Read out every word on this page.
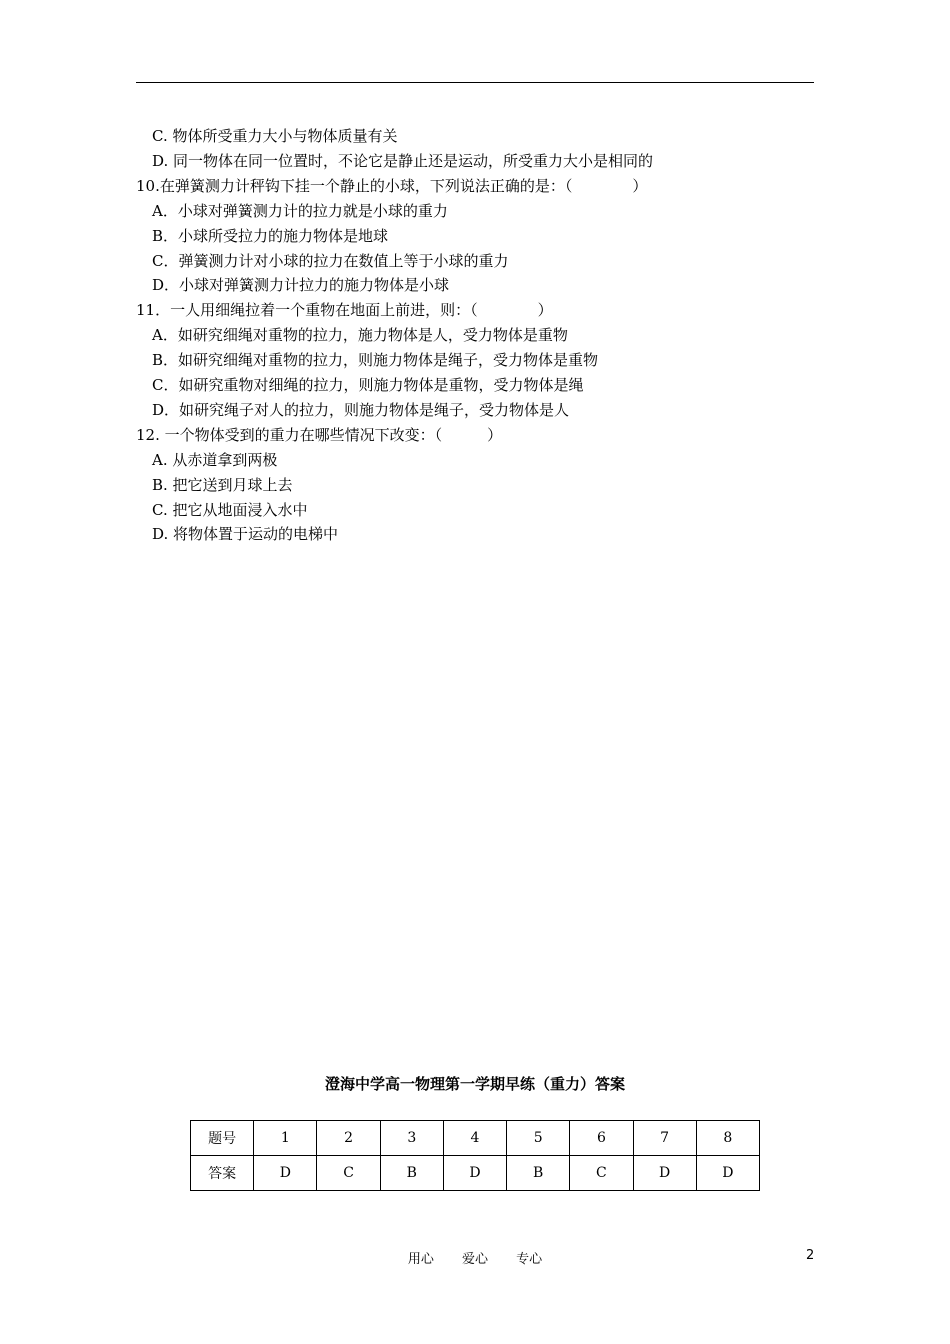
C. 物体所受重力大小与物体质量有关
D. 同一物体在同一位置时，不论它是静止还是运动，所受重力大小是相同的
10.在弹簧测力计秤钩下挂一个静止的小球，下列说法正确的是：（　　　　）
A．小球对弹簧测力计的拉力就是小球的重力
B．小球所受拉力的施力物体是地球
C．弹簧测力计对小球的拉力在数值上等于小球的重力
D．小球对弹簧测力计拉力的施力物体是小球
11．一人用细绳拉着一个重物在地面上前进，则：（　　　　）
A．如研究细绳对重物的拉力，施力物体是人，受力物体是重物
B．如研究细绳对重物的拉力，则施力物体是绳子，受力物体是重物
C．如研究重物对细绳的拉力，则施力物体是重物，受力物体是绳
D．如研究绳子对人的拉力，则施力物体是绳子，受力物体是人
12. 一个物体受到的重力在哪些情况下改变：（　　　）
A. 从赤道拿到两极
B. 把它送到月球上去
C. 把它从地面浸入水中
D. 将物体置于运动的电梯中
澄海中学高一物理第一学期早练（重力）答案
题号	1	2	3	4	5	6	7	8
答案	D	C	B	D	B	C	D	D
用心 爱心 专心	2
